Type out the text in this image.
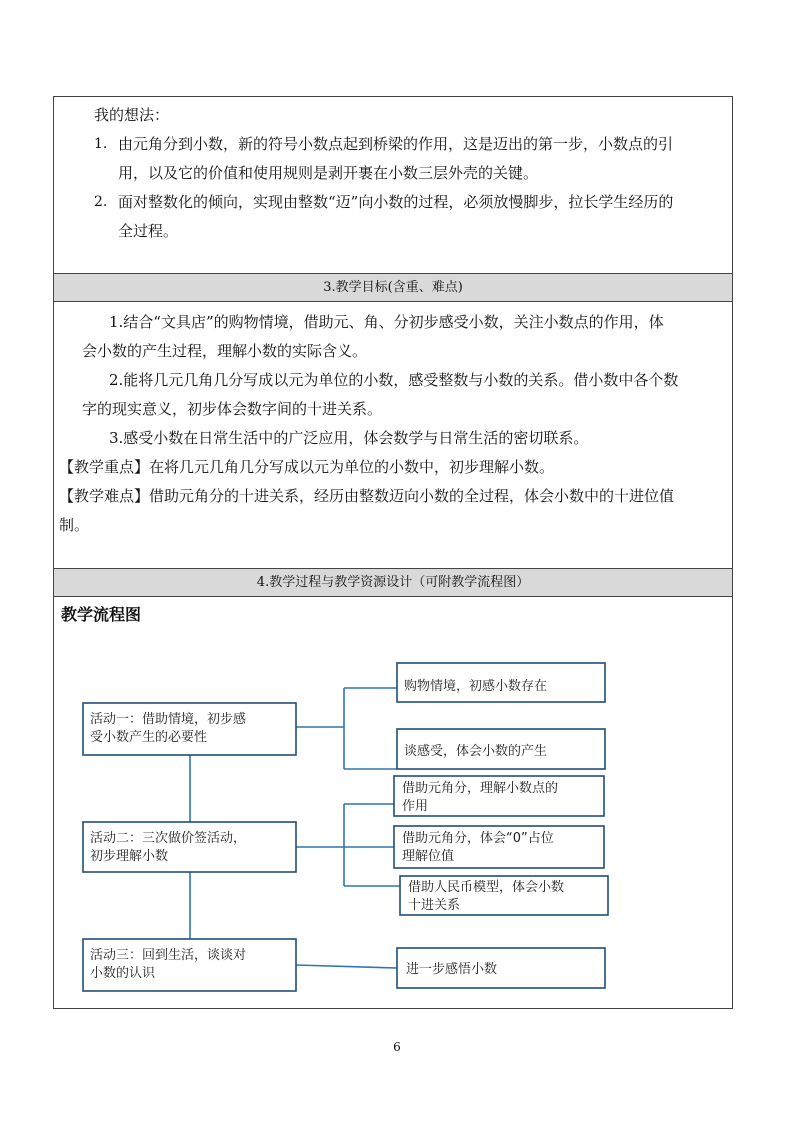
我的想法：
1. 由元角分到小数，新的符号小数点起到桥梁的作用，这是迈出的第一步，小数点的引
用，以及它的价值和使用规则是剥开裹在小数三层外壳的关键。
2. 面对整数化的倾向，实现由整数“迈”向小数的过程，必须放慢脚步，拉长学生经历的
全过程。
3.教学目标(含重、难点)
1.结合“文具店”的购物情境，借助元、角、分初步感受小数，关注小数点的作用，体
会小数的产生过程，理解小数的实际含义。
2.能将几元几角几分写成以元为单位的小数，感受整数与小数的关系。借小数中各个数
字的现实意义，初步体会数字间的十进关系。
3.感受小数在日常生活中的广泛应用，体会数学与日常生活的密切联系。
【教学重点】在将几元几角几分写成以元为单位的小数中，初步理解小数。
【教学难点】借助元角分的十进关系，经历由整数迈向小数的全过程，体会小数中的十进位值
制。
4.教学过程与教学资源设计（可附教学流程图）
教学流程图
活动一：借助情境，初步感
受小数产生的必要性
活动二：三次做价签活动，
初步理解小数
活动三：回到生活，谈谈对
小数的认识
购物情境，初感小数存在
谈感受，体会小数的产生
借助元角分，理解小数点的
作用
借助元角分，体会“0”占位
理解位值
借助人民币模型，体会小数
十进关系
进一步感悟小数
6
